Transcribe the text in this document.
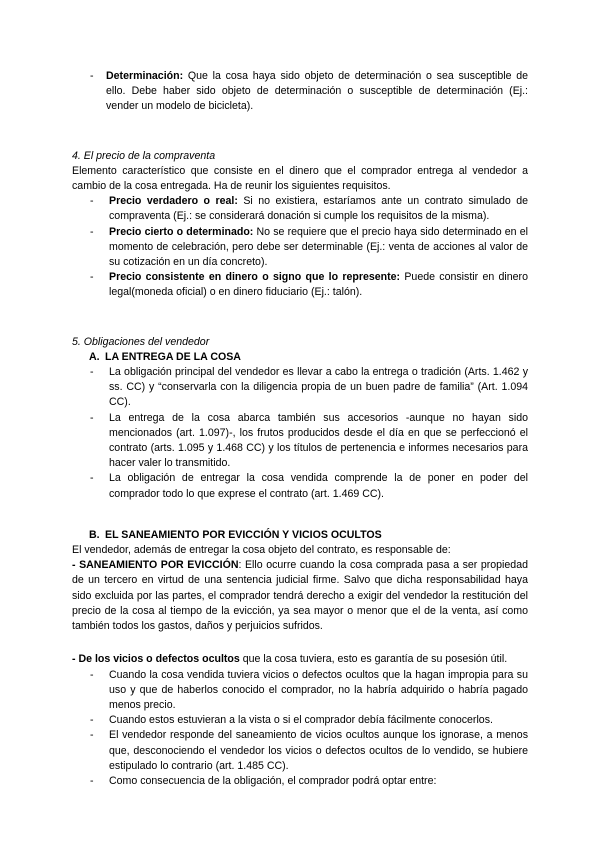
- Determinación: Que la cosa haya sido objeto de determinación o sea susceptible de ello. Debe haber sido objeto de determinación o susceptible de determinación (Ej.: vender un modelo de bicicleta).

4. El precio de la compraventa

Elemento característico que consiste en el dinero que el comprador entrega al vendedor a cambio de la cosa entregada. Ha de reunir los siguientes requisitos.

- Precio verdadero o real: Si no existiera, estaríamos ante un contrato simulado de compraventa (Ej.: se considerará donación si cumple los requisitos de la misma).
- Precio cierto o determinado: No se requiere que el precio haya sido determinado en el momento de celebración, pero debe ser determinable (Ej.: venta de acciones al valor de su cotización en un día concreto).
- Precio consistente en dinero o signo que lo represente: Puede consistir en dinero legal(moneda oficial) o en dinero fiduciario (Ej.: talón).

5. Obligaciones del vendedor

A. LA ENTREGA DE LA COSA
- La obligación principal del vendedor es llevar a cabo la entrega o tradición (Arts. 1.462 y ss. CC) y “conservarla con la diligencia propia de un buen padre de familia” (Art. 1.094 CC).
- La entrega de la cosa abarca también sus accesorios -aunque no hayan sido mencionados (art. 1.097)-, los frutos producidos desde el día en que se perfeccionó el contrato (arts. 1.095 y 1.468 CC) y los títulos de pertenencia e informes necesarios para hacer valer lo transmitido.
- La obligación de entregar la cosa vendida comprende la de poner en poder del comprador todo lo que exprese el contrato (art. 1.469 CC).
B. EL SANEAMIENTO POR EVICCIÓN Y VICIOS OCULTOS

El vendedor, además de entregar la cosa objeto del contrato, es responsable de:

- SANEAMIENTO POR EVICCIÓN: Ello ocurre cuando la cosa comprada pasa a ser propiedad de un tercero en virtud de una sentencia judicial firme. Salvo que dicha responsabilidad haya sido excluida por las partes, el comprador tendrá derecho a exigir del vendedor la restitución del precio de la cosa al tiempo de la evicción, ya sea mayor o menor que el de la venta, así como también todos los gastos, daños y perjuicios sufridos.

- De los vicios o defectos ocultos que la cosa tuviera, esto es garantía de su posesión útil.

- Cuando la cosa vendida tuviera vicios o defectos ocultos que la hagan impropia para su uso y que de haberlos conocido el comprador, no la habría adquirido o habría pagado menos precio.
- Cuando estos estuvieran a la vista o si el comprador debía fácilmente conocerlos.
- El vendedor responde del saneamiento de vicios ocultos aunque los ignorase, a menos que, desconociendo el vendedor los vicios o defectos ocultos de lo vendido, se hubiere estipulado lo contrario (art. 1.485 CC).
- Como consecuencia de la obligación, el comprador podrá optar entre:
